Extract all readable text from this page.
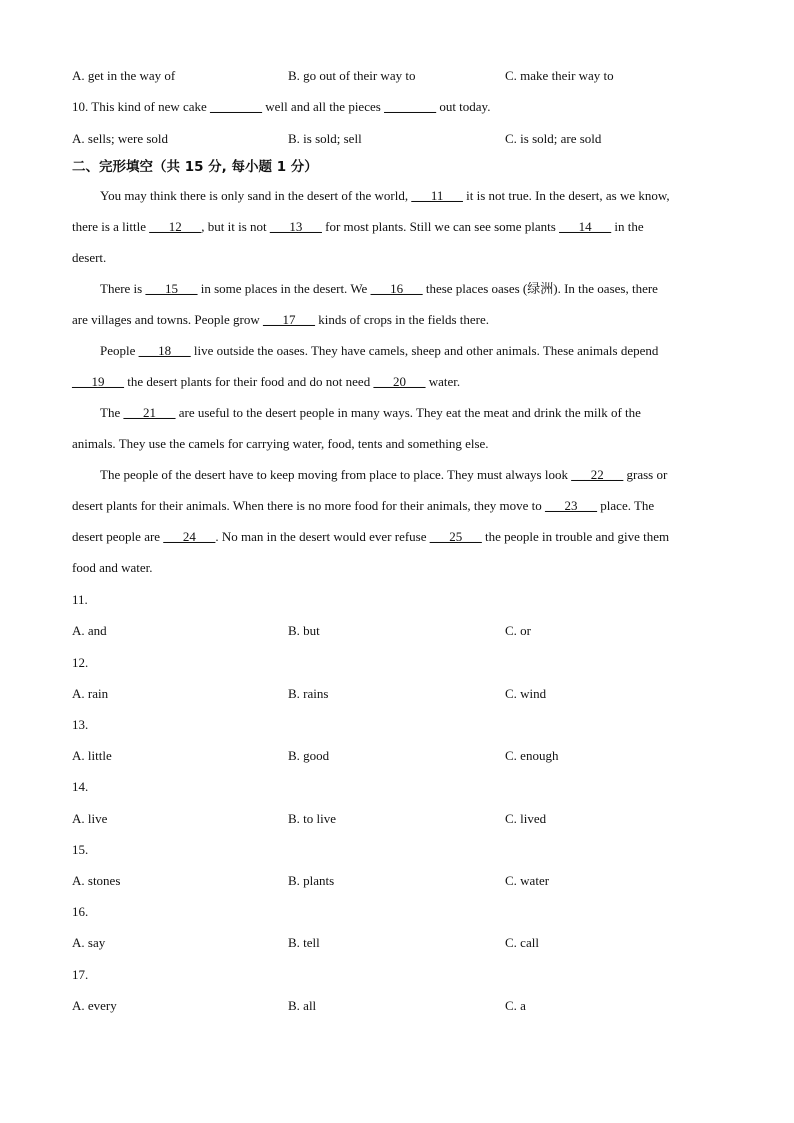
A. get in the way of	B. go out of their way to	C. make their way to
10. This kind of new cake ________ well and all the pieces ________ out today.
A. sells; were sold	B. is sold; sell	C. is sold; are sold
二、完形填空（共 15 分, 每小题 1 分）
You may think there is only sand in the desert of the world, ___11___ it is not true. In the desert, as we know,
there is a little ___12___, but it is not ___13___ for most plants. Still we can see some plants ___14___ in the
desert.
There is ___15___ in some places in the desert. We ___16___ these places oases (绿洲). In the oases, there
are villages and towns. People grow ___17___ kinds of crops in the fields there.
People ___18___ live outside the oases. They have camels, sheep and other animals. These animals depend
___19___ the desert plants for their food and do not need ___20___ water.
The ___21___ are useful to the desert people in many ways. They eat the meat and drink the milk of the
animals. They use the camels for carrying water, food, tents and something else.
The people of the desert have to keep moving from place to place. They must always look ___22___ grass or
desert plants for their animals. When there is no more food for their animals, they move to ___23___ place. The
desert people are ___24___. No man in the desert would ever refuse ___25___ the people in trouble and give them
food and water.
11.
A. and	B. but	C. or
12.
A. rain	B. rains	C. wind
13.
A. little	B. good	C. enough
14.
A. live	B. to live	C. lived
15.
A. stones	B. plants	C. water
16.
A. say	B. tell	C. call
17.
A. every	B. all	C. a
